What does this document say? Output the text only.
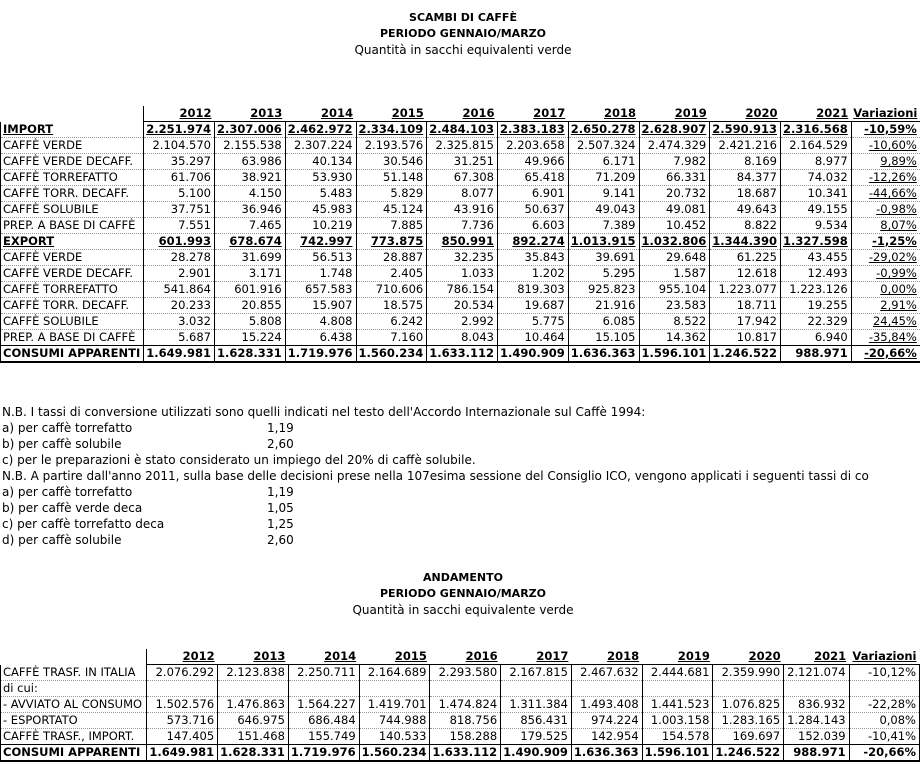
SCAMBI DI CAFFÈ
PERIODO GENNAIO/MARZO
Quantità in sacchi equivalenti verde
	2012	2013	2014	2015	2016	2017	2018	2019	2020	2021	Variazioni
IMPORT	2.251.974	2.307.006	2.462.972	2.334.109	2.484.103	2.383.183	2.650.278	2.628.907	2.590.913	2.316.568	-10,59%
CAFFÈ VERDE	2.104.570	2.155.538	2.307.224	2.193.576	2.325.815	2.203.658	2.507.324	2.474.329	2.421.216	2.164.529	-10,60%
CAFFÈ VERDE DECAFF.	35.297	63.986	40.134	30.546	31.251	49.966	6.171	7.982	8.169	8.977	9,89%
CAFFÈ TORREFATTO	61.706	38.921	53.930	51.148	67.308	65.418	71.209	66.331	84.377	74.032	-12,26%
CAFFÈ TORR. DECAFF.	5.100	4.150	5.483	5.829	8.077	6.901	9.141	20.732	18.687	10.341	-44,66%
CAFFÈ SOLUBILE	37.751	36.946	45.983	45.124	43.916	50.637	49.043	49.081	49.643	49.155	-0,98%
PREP. A BASE DI CAFFÈ	7.551	7.465	10.219	7.885	7.736	6.603	7.389	10.452	8.822	9.534	8,07%
EXPORT	601.993	678.674	742.997	773.875	850.991	892.274	1.013.915	1.032.806	1.344.390	1.327.598	-1,25%
CAFFÈ VERDE	28.278	31.699	56.513	28.887	32.235	35.843	39.691	29.648	61.225	43.455	-29,02%
CAFFÈ VERDE DECAFF.	2.901	3.171	1.748	2.405	1.033	1.202	5.295	1.587	12.618	12.493	-0,99%
CAFFÈ TORREFATTO	541.864	601.916	657.583	710.606	786.154	819.303	925.823	955.104	1.223.077	1.223.126	0,00%
CAFFÈ TORR. DECAFF.	20.233	20.855	15.907	18.575	20.534	19.687	21.916	23.583	18.711	19.255	2,91%
CAFFÈ SOLUBILE	3.032	5.808	4.808	6.242	2.992	5.775	6.085	8.522	17.942	22.329	24,45%
PREP. A BASE DI CAFFÈ	5.687	15.224	6.438	7.160	8.043	10.464	15.105	14.362	10.817	6.940	-35,84%
CONSUMI APPARENTI	1.649.981	1.628.331	1.719.976	1.560.234	1.633.112	1.490.909	1.636.363	1.596.101	1.246.522	988.971	-20,66%
N.B. I tassi di conversione utilizzati sono quelli indicati nel testo dell'Accordo Internazionale sul Caffè 1994:
a) per caffè torrefatto	1,19
b) per caffè solubile	2,60
c) per le preparazioni è stato considerato un impiego del 20% di caffè solubile.
N.B. A partire dall'anno 2011, sulla base delle decisioni prese nella 107esima sessione del Consiglio ICO, vengono applicati i seguenti tassi di co
a) per caffè torrefatto	1,19
b) per caffè verde deca	1,05
c) per caffè torrefatto deca	1,25
d) per caffè solubile	2,60
ANDAMENTO
PERIODO GENNAIO/MARZO
Quantità in sacchi equivalente verde
	2012	2013	2014	2015	2016	2017	2018	2019	2020	2021	Variazioni
CAFFÈ TRASF. IN ITALIA	2.076.292	2.123.838	2.250.711	2.164.689	2.293.580	2.167.815	2.467.632	2.444.681	2.359.990	2.121.074	-10,12%
di cui:											
- AVVIATO AL CONSUMO	1.502.576	1.476.863	1.564.227	1.419.701	1.474.824	1.311.384	1.493.408	1.441.523	1.076.825	836.932	-22,28%
- ESPORTATO	573.716	646.975	686.484	744.988	818.756	856.431	974.224	1.003.158	1.283.165	1.284.143	0,08%
CAFFÈ TRASF., IMPORT.	147.405	151.468	155.749	140.533	158.288	179.525	142.954	154.578	169.697	152.039	-10,41%
CONSUMI APPARENTI	1.649.981	1.628.331	1.719.976	1.560.234	1.633.112	1.490.909	1.636.363	1.596.101	1.246.522	988.971	-20,66%
